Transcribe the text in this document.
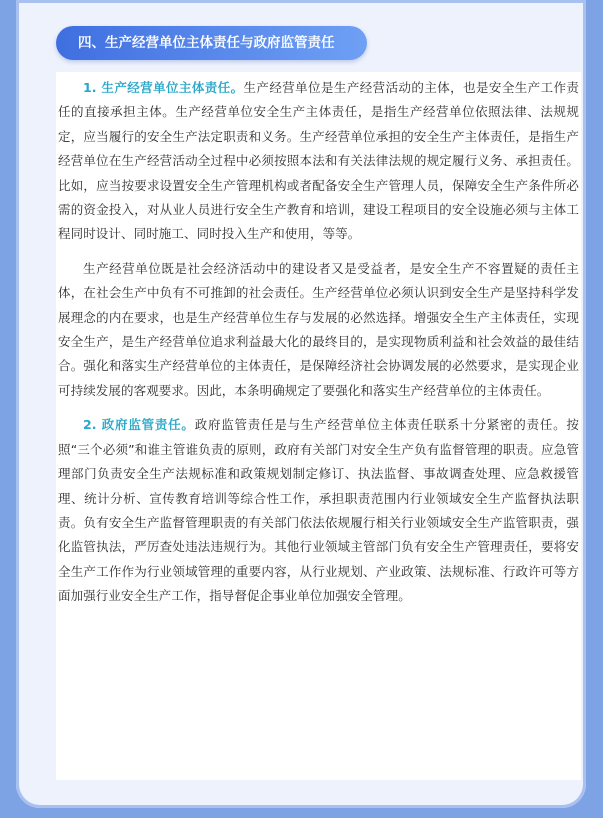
四、生产经营单位主体责任与政府监管责任

1. 生产经营单位主体责任。生产经营单位是生产经营活动的主体，也是安全生产工作责任的直接承担主体。生产经营单位安全生产主体责任，是指生产经营单位依照法律、法规规定，应当履行的安全生产法定职责和义务。生产经营单位承担的安全生产主体责任，是指生产经营单位在生产经营活动全过程中必须按照本法和有关法律法规的规定履行义务、承担责任。比如，应当按要求设置安全生产管理机构或者配备安全生产管理人员，保障安全生产条件所必需的资金投入，对从业人员进行安全生产教育和培训，建设工程项目的安全设施必须与主体工程同时设计、同时施工、同时投入生产和使用，等等。

生产经营单位既是社会经济活动中的建设者又是受益者，是安全生产不容置疑的责任主体，在社会生产中负有不可推卸的社会责任。生产经营单位必须认识到安全生产是坚持科学发展理念的内在要求，也是生产经营单位生存与发展的必然选择。增强安全生产主体责任，实现安全生产，是生产经营单位追求利益最大化的最终目的，是实现物质利益和社会效益的最佳结合。强化和落实生产经营单位的主体责任，是保障经济社会协调发展的必然要求，是实现企业可持续发展的客观要求。因此，本条明确规定了要强化和落实生产经营单位的主体责任。

2. 政府监管责任。政府监管责任是与生产经营单位主体责任联系十分紧密的责任。按照“三个必须”和谁主管谁负责的原则，政府有关部门对安全生产负有监督管理的职责。应急管理部门负责安全生产法规标准和政策规划制定修订、执法监督、事故调查处理、应急救援管理、统计分析、宣传教育培训等综合性工作，承担职责范围内行业领域安全生产监督执法职责。负有安全生产监督管理职责的有关部门依法依规履行相关行业领域安全生产监管职责，强化监管执法，严厉查处违法违规行为。其他行业领域主管部门负有安全生产管理责任，要将安全生产工作作为行业领域管理的重要内容，从行业规划、产业政策、法规标准、行政许可等方面加强行业安全生产工作，指导督促企事业单位加强安全管理。
